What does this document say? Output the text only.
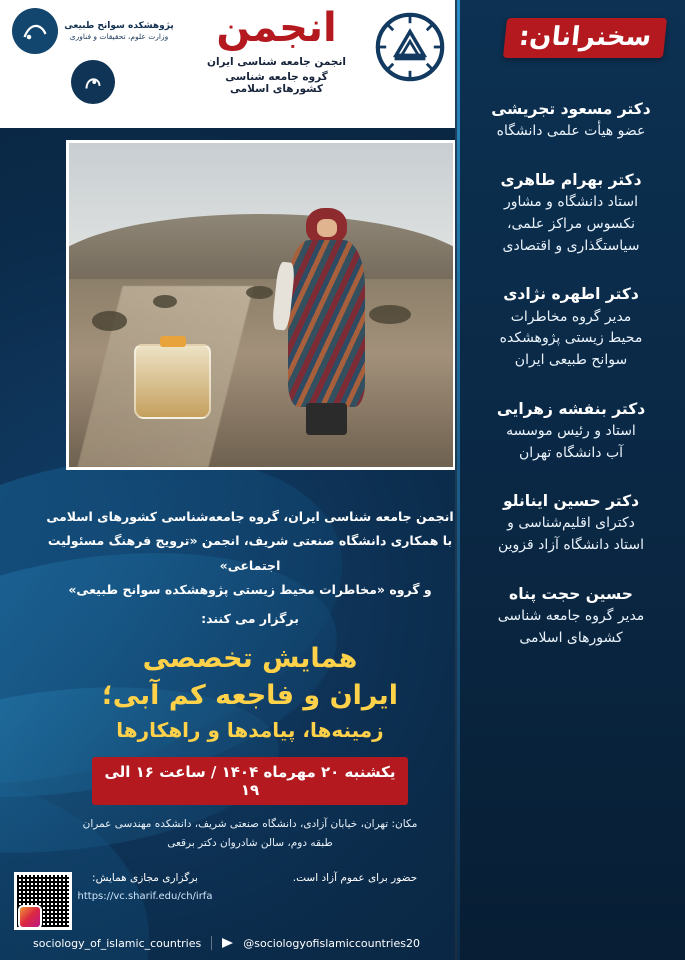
انجمن
انجمن جامعه شناسی ایران
گروه جامعه شناسی کشورهای اسلامی
پژوهشکده سوانح طبیعی
وزارت علوم، تحقیقات و فناوری
انجمن جامعه شناسی ایران، گروه جامعه‌شناسی کشورهای اسلامی
با همکاری دانشگاه صنعتی شریف، انجمن «ترویج فرهنگ مسئولیت اجتماعی»
و گروه «مخاطرات محیط زیستی پژوهشکده سوانح طبیعی»
برگزار می کنند:
همایش تخصصی
ایران و فاجعه کم آبی؛
زمینه‌ها، پیامدها و راهکارها
یکشنبه ۲۰ مهرماه ۱۴۰۴ / ساعت ۱۶ الی ۱۹
مکان: تهران، خیابان آزادی، دانشگاه صنعتی شریف، دانشکده مهندسی عمران
طبقه دوم، سالن شادروان دکتر برقعی
حضور برای عموم آزاد است.
برگزاری مجازی همایش:
https://vc.sharif.edu/ch/irfa
sociology_of_islamic_countries	@sociologyofislamiccountries20
سخنرانان:
دکتر مسعود تجریشی
عضو هیأت علمی دانشگاه
دکتر بهرام طاهری
استاد دانشگاه و مشاور
نکسوس مراکز علمی،
سیاستگذاری و اقتصادی
دکتر اطهره نژادی
مدیر گروه مخاطرات
محیط زیستی پژوهشکده
سوانح طبیعی ایران
دکتر بنفشه زهرایی
استاد و رئیس موسسه
آب دانشگاه تهران
دکتر حسین اینانلو
دکترای اقلیم‌شناسی و
استاد دانشگاه آزاد قزوین
حسین حجت پناه
مدیر گروه جامعه شناسی
کشورهای اسلامی
